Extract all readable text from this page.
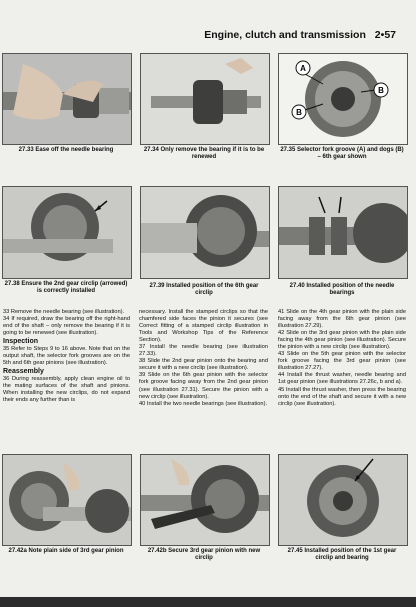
Engine, clutch and transmission 2•57
27.33 Ease off the needle bearing	27.34 Only remove the bearing if it is to be renewed
A
B
B
27.35 Selector fork groove (A) and dogs (B) – 6th gear shown
27.38 Ensure the 2nd gear circlip (arrowed) is correctly installed
27.39 Installed position of the 6th gear circlip
27.40 Installed position of the needle bearings

33 Remove the needle bearing (see illustration).

34 If required, draw the bearing off the right-hand end of the shaft – only remove the bearing if it is going to be renewed (see illustration).

Inspection

35 Refer to Steps 9 to 16 above. Note that on the output shaft, the selector fork grooves are on the 5th and 6th gear pinions (see illustration).

Reassembly

36 During reassembly, apply clean engine oil to the mating surfaces of the shaft and pinions. When installing the new circlips, do not expand their ends any further than is

necessary. Install the stamped circlips so that the chamfered side faces the pinion it secures (see Correct fitting of a stamped circlip illustration in Tools and Workshop Tips of the Reference Section).

37 Install the needle bearing (see illustration 27.33).

38 Slide the 2nd gear pinion onto the bearing and secure it with a new circlip (see illustration).

39 Slide on the 6th gear pinion with the selector fork groove facing away from the 2nd gear pinion (see illustration 27.31). Secure the pinion with a new circlip (see illustration).

40 Install the two needle bearings (see illustration).

41 Slide on the 4th gear pinion with the plain side facing away from the 6th gear pinion (see illustration 27.29).

42 Slide on the 3rd gear pinion with the plain side facing the 4th gear pinion (see illustration). Secure the pinion with a new circlip (see illustration).

43 Slide on the 5th gear pinion with the selector fork groove facing the 3rd gear pinion (see illustration 27.27).

44 Install the thrust washer, needle bearing and 1st gear pinion (see illustrations 27.26c, b and a).

45 Install the thrust washer, then press the bearing onto the end of the shaft and secure it with a new circlip (see illustration).

27.42a Note plain side of 3rd gear pinion	27.42b Secure 3rd gear pinion with new circlip
27.45 Installed position of the 1st gear circlip and bearing
